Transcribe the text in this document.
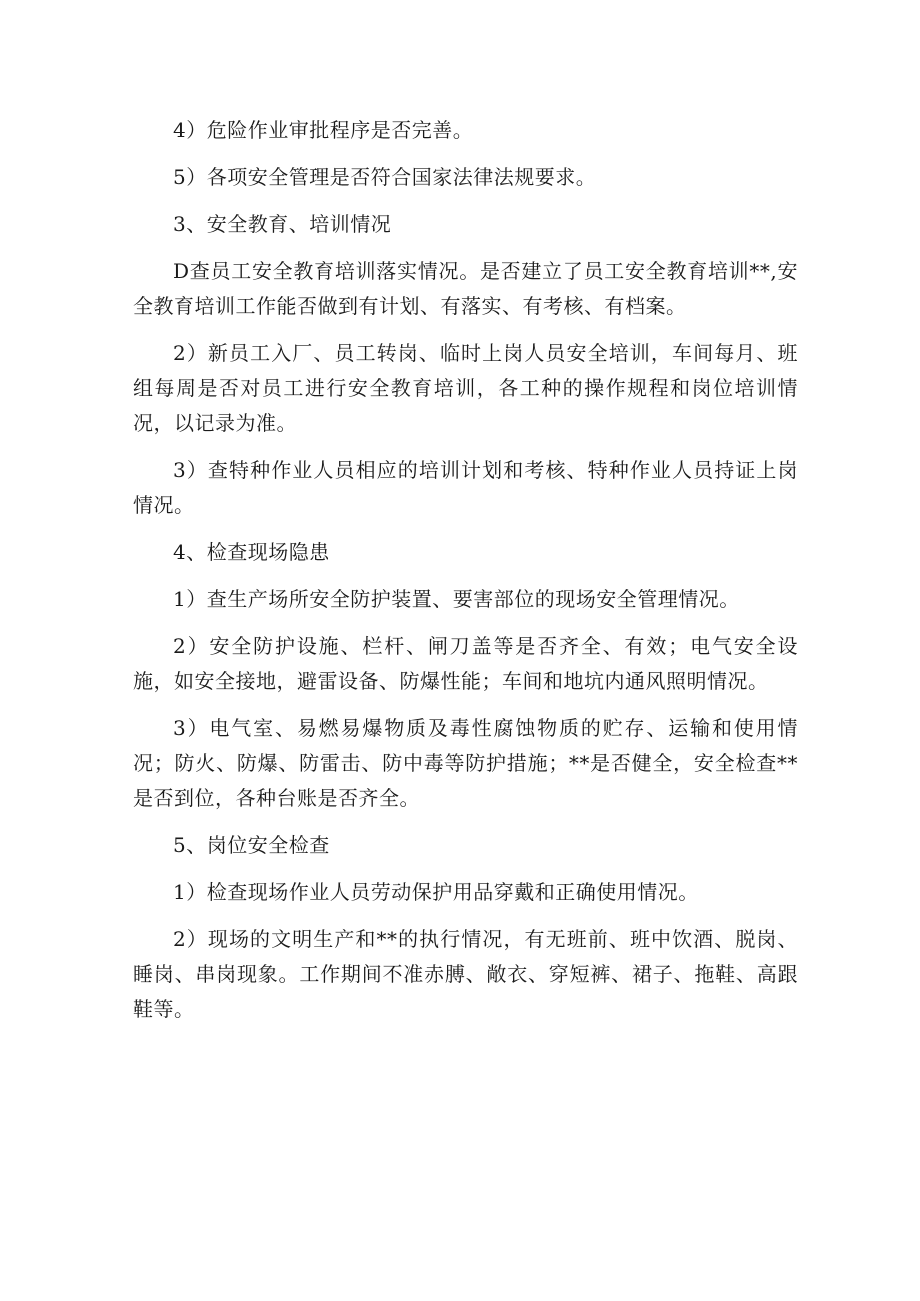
4）危险作业审批程序是否完善。

5）各项安全管理是否符合国家法律法规要求。

3、安全教育、培训情况

D查员工安全教育培训落实情况。是否建立了员工安全教育培训**,安全教育培训工作能否做到有计划、有落实、有考核、有档案。

2）新员工入厂、员工转岗、临时上岗人员安全培训，车间每月、班组每周是否对员工进行安全教育培训，各工种的操作规程和岗位培训情况，以记录为准。

3）查特种作业人员相应的培训计划和考核、特种作业人员持证上岗情况。

4、检查现场隐患

1）查生产场所安全防护装置、要害部位的现场安全管理情况。

2）安全防护设施、栏杆、闸刀盖等是否齐全、有效；电气安全设施，如安全接地，避雷设备、防爆性能；车间和地坑内通风照明情况。

3）电气室、易燃易爆物质及毒性腐蚀物质的贮存、运输和使用情况；防火、防爆、防雷击、防中毒等防护措施；**是否健全，安全检查**是否到位，各种台账是否齐全。

5、岗位安全检查

1）检查现场作业人员劳动保护用品穿戴和正确使用情况。

2）现场的文明生产和**的执行情况，有无班前、班中饮酒、脱岗、睡岗、串岗现象。工作期间不准赤膊、敞衣、穿短裤、裙子、拖鞋、高跟鞋等。
